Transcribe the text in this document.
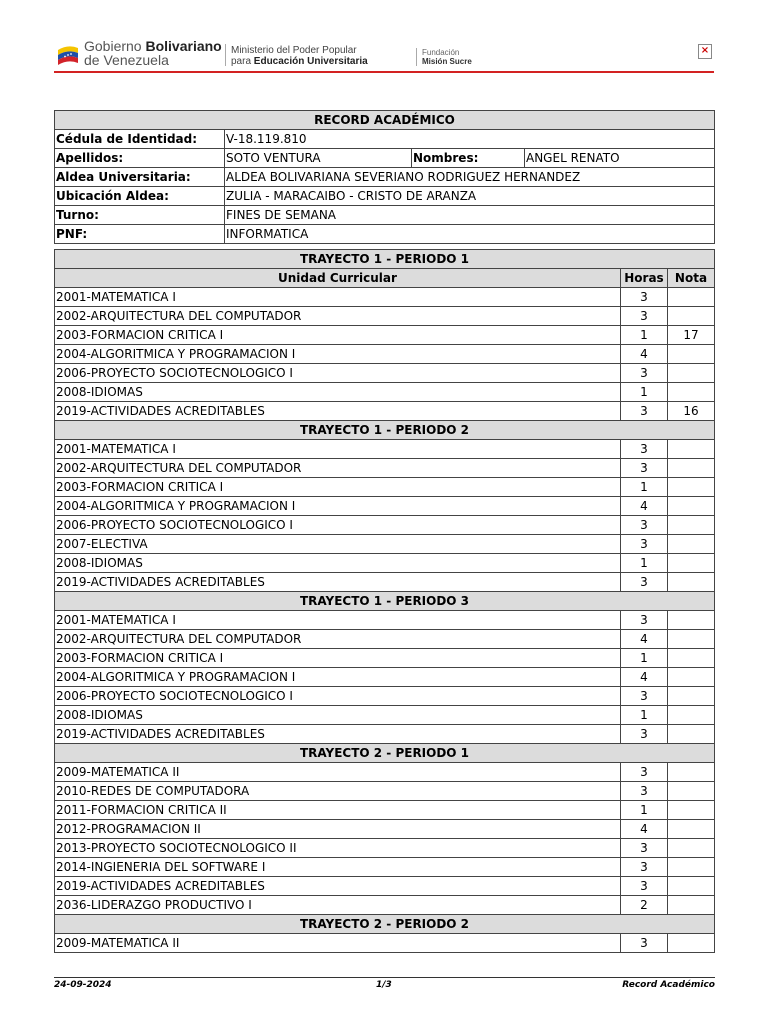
Gobierno Bolivariano
de Venezuela
Ministerio del Poder Popular
para Educación Universitaria
Fundación
Misión Sucre
×
RECORD ACADÉMICO			
Cédula de Identidad:	V-18.119.810		
Apellidos:	SOTO VENTURA	Nombres:	ANGEL RENATO
Aldea Universitaria:	ALDEA BOLIVARIANA SEVERIANO RODRIGUEZ HERNANDEZ		
Ubicación Aldea:	ZULIA - MARACAIBO - CRISTO DE ARANZA		
Turno:	FINES DE SEMANA		
PNF:	INFORMATICA		
TRAYECTO 1 - PERIODO 1		
Unidad Curricular	Horas	Nota
2001-MATEMATICA I	3	
2002-ARQUITECTURA DEL COMPUTADOR	3	
2003-FORMACION CRITICA I	1	17
2004-ALGORITMICA Y PROGRAMACION I	4	
2006-PROYECTO SOCIOTECNOLOGICO I	3	
2008-IDIOMAS	1	
2019-ACTIVIDADES ACREDITABLES	3	16
TRAYECTO 1 - PERIODO 2		
2001-MATEMATICA I	3	
2002-ARQUITECTURA DEL COMPUTADOR	3	
2003-FORMACION CRITICA I	1	
2004-ALGORITMICA Y PROGRAMACION I	4	
2006-PROYECTO SOCIOTECNOLOGICO I	3	
2007-ELECTIVA	3	
2008-IDIOMAS	1	
2019-ACTIVIDADES ACREDITABLES	3	
TRAYECTO 1 - PERIODO 3		
2001-MATEMATICA I	3	
2002-ARQUITECTURA DEL COMPUTADOR	4	
2003-FORMACION CRITICA I	1	
2004-ALGORITMICA Y PROGRAMACION I	4	
2006-PROYECTO SOCIOTECNOLOGICO I	3	
2008-IDIOMAS	1	
2019-ACTIVIDADES ACREDITABLES	3	
TRAYECTO 2 - PERIODO 1		
2009-MATEMATICA II	3	
2010-REDES DE COMPUTADORA	3	
2011-FORMACION CRITICA II	1	
2012-PROGRAMACION II	4	
2013-PROYECTO SOCIOTECNOLOGICO II	3	
2014-INGIENERIA DEL SOFTWARE I	3	
2019-ACTIVIDADES ACREDITABLES	3	
2036-LIDERAZGO PRODUCTIVO I	2	
TRAYECTO 2 - PERIODO 2		
2009-MATEMATICA II	3	
24-09-2024	1/3	Record Académico
